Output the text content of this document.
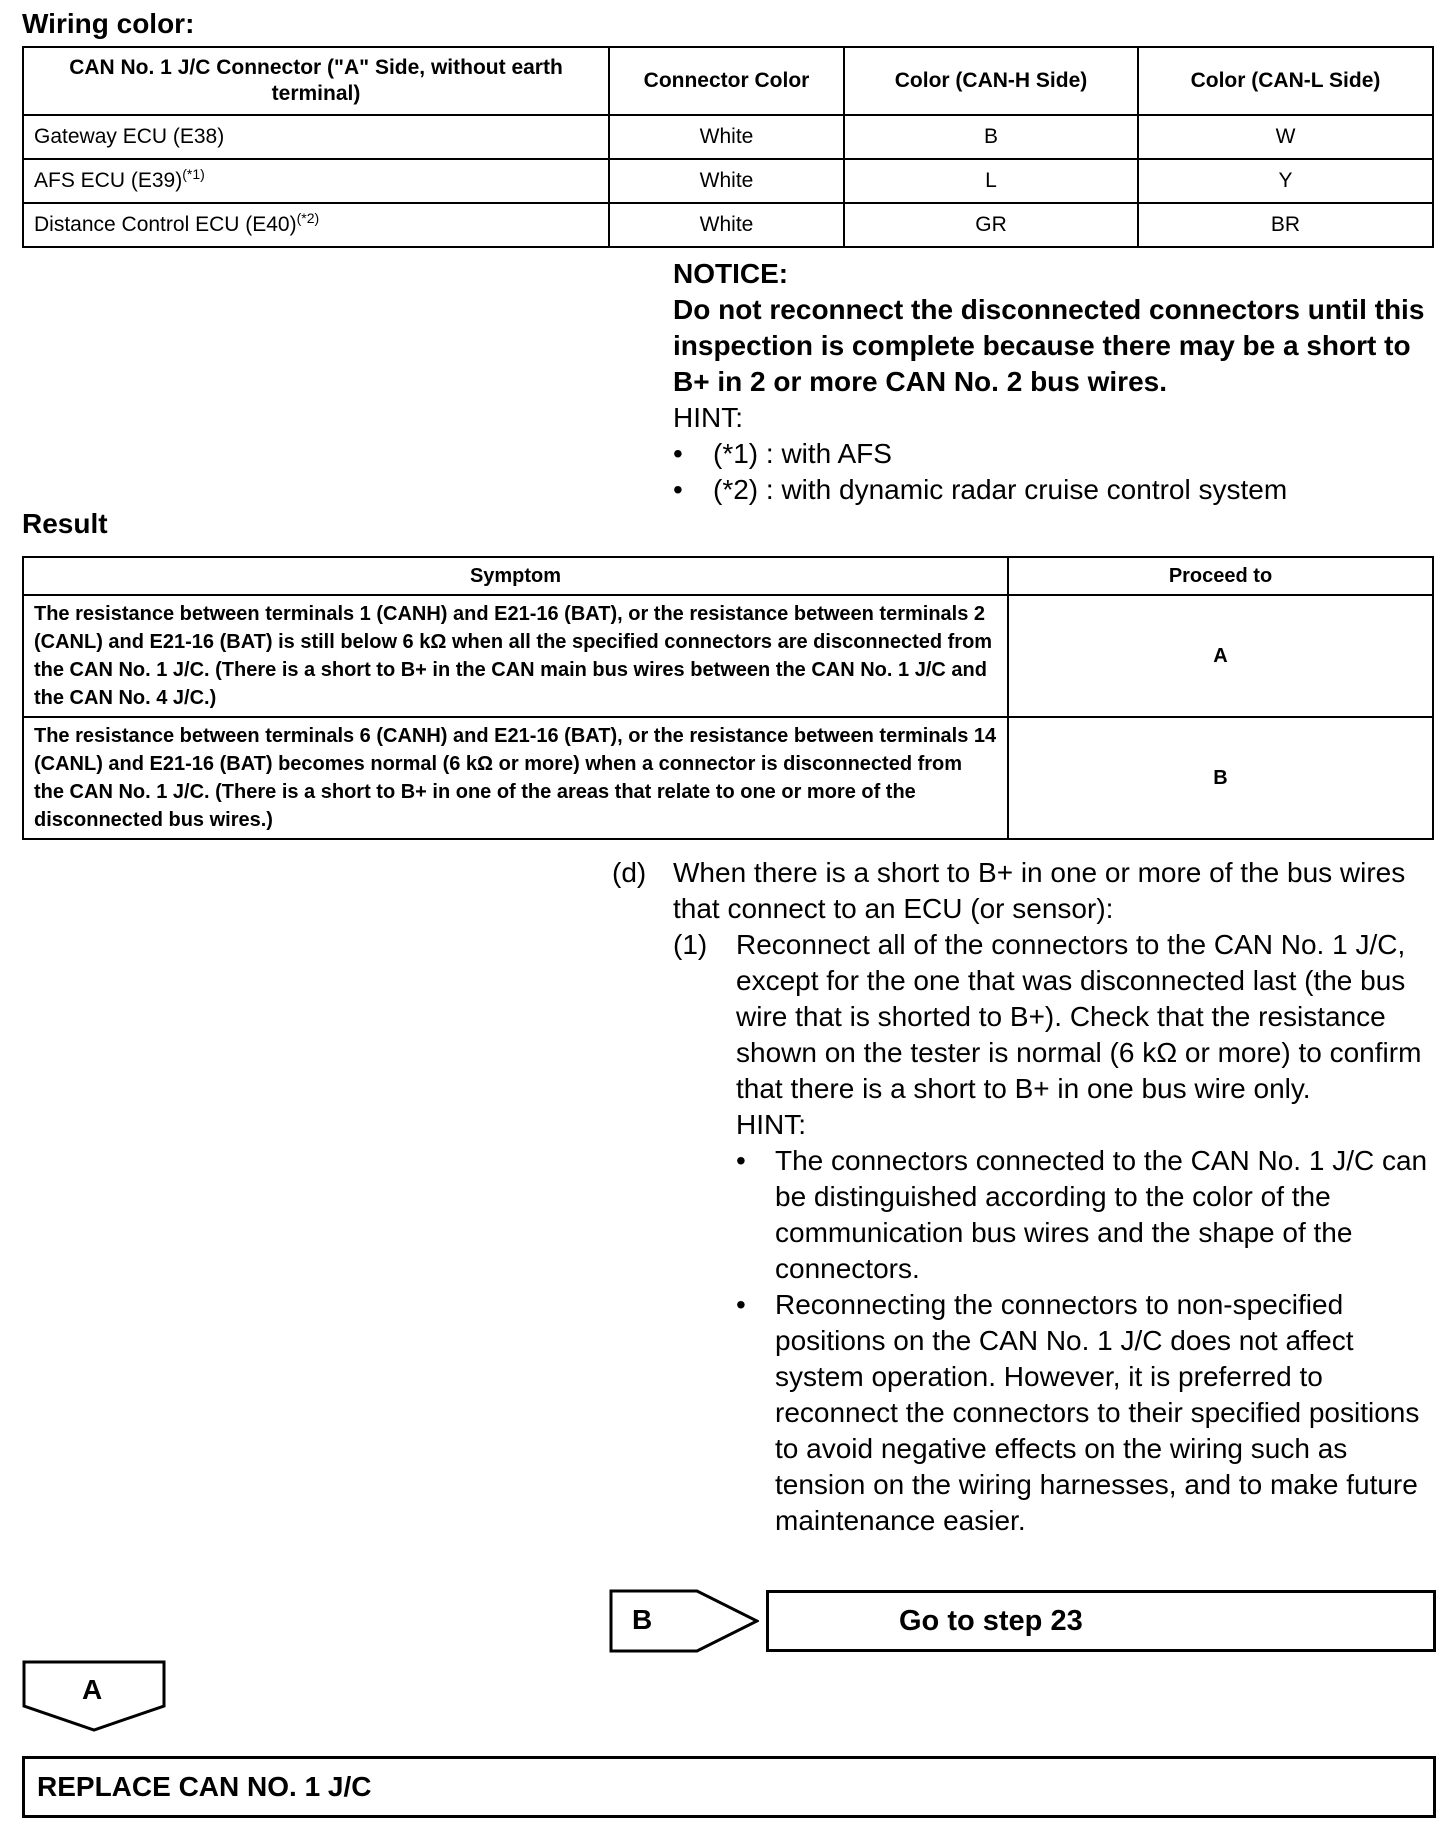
Wiring color:
CAN No. 1 J/C Connector ("A" Side, without earth terminal)	Connector Color	Color (CAN-H Side)	Color (CAN-L Side)
Gateway ECU (E38)	White	B	W
AFS ECU $(E39)^{(*1)}$	White	L	Y
Distance Control ECU $(E40)^{(*2)}$	White	GR	BR
NOTICE:
Do not reconnect the disconnected connectors until this inspection is complete because there may be a short to B+ in 2 or more CAN No. 2 bus wires.
HINT:
• (*1) : with AFS
• (*2) : with dynamic radar cruise control system
Result
Symptom	Proceed to
The resistance between terminals 1 (CANH) and E21-16 (BAT), or the resistance between terminals 2 (CANL) and E21-16 (BAT) is still below 6 kΩ when all the specified connectors are disconnected from the CAN No. 1 J/C. (There is a short to B+ in the CAN main bus wires between the CAN No. 1 J/C and the CAN No. 4 J/C.)	A
The resistance between terminals 6 (CANH) and E21-16 (BAT), or the resistance between terminals 14 (CANL) and E21-16 (BAT) becomes normal (6 kΩ or more) when a connector is disconnected from the CAN No. 1 J/C. (There is a short to B+ in one of the areas that relate to one or more of the disconnected bus wires.)	B
(d) When there is a short to B+ in one or more of the bus wires that connect to an ECU (or sensor):
(1) Reconnect all of the connectors to the CAN No. 1 J/C, except for the one that was disconnected last (the bus wire that is shorted to B+). Check that the resistance shown on the tester is normal (6 kΩ or more) to confirm that there is a short to B+ in one bus wire only.
HINT:
• The connectors connected to the CAN No. 1 J/C can be distinguished according to the color of the communication bus wires and the shape of the connectors.
• Reconnecting the connectors to non-specified positions on the CAN No. 1 J/C does not affect system operation. However, it is preferred to reconnect the connectors to their specified positions to avoid negative effects on the wiring such as tension on the wiring harnesses, and to make future maintenance easier.
B	Go to step 23
A
REPLACE CAN NO. 1 J/C
